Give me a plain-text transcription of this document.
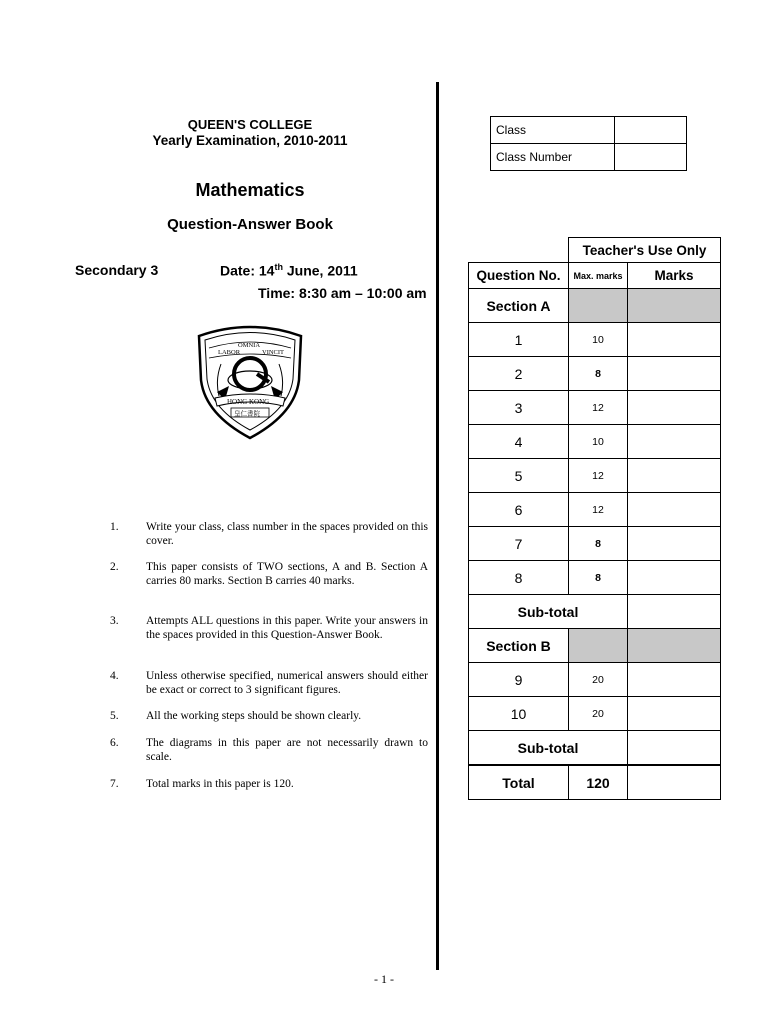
QUEEN'S COLLEGE
Yearly Examination, 2010-2011
Mathematics
Question-Answer Book
Secondary 3	Date: 14th June, 2011
Time: 8:30 am – 10:00 am
LABOR
OMNIA
VINCIT
HONG KONG
皇仁書院
1.	Write your class, class number in the spaces provided on this cover.
2.	This paper consists of TWO sections, A and B. Section A carries 80 marks. Section B carries 40 marks.
3.	Attempts ALL questions in this paper. Write your answers in the spaces provided in this Question-Answer Book.
4.	Unless otherwise specified, numerical answers should either be exact or correct to 3 significant figures.
5.	All the working steps should be shown clearly.
6.	The diagrams in this paper are not necessarily drawn to scale.
7.	Total marks in this paper is 120.
Class	
Class Number	
	Teacher's Use Only	
Question No.	Max. marks	Marks
Section A		
1	10	
2	8	
3	12	
4	10	
5	12	
6	12	
7	8	
8	8	
Sub-total		
Section B		
9	20	
10	20	
Sub-total		
Total	120	
- 1 -
